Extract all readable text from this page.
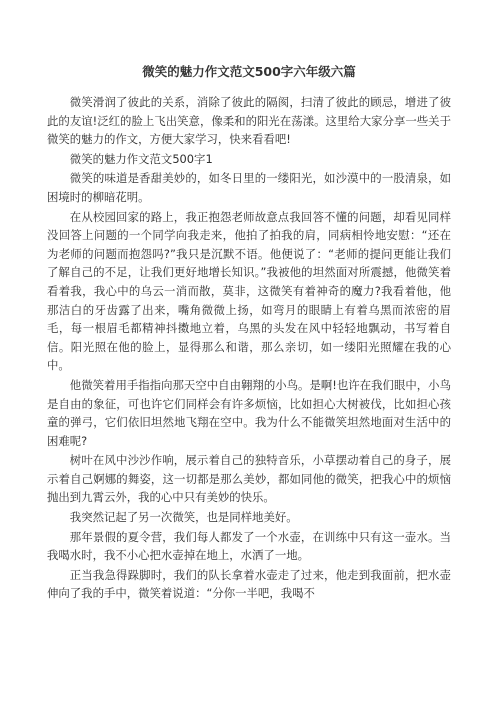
微笑的魅力作文范文500字六年级六篇
微笑滑润了彼此的关系，消除了彼此的隔阂，扫清了彼此的顾忌，增进了彼此的友谊!泛红的脸上飞出笑意，像柔和的阳光在荡漾。这里给大家分享一些关于微笑的魅力的作文，方便大家学习，快来看看吧!
微笑的魅力作文范文500字1
微笑的味道是香甜美妙的，如冬日里的一缕阳光，如沙漠中的一股清泉，如困境时的柳暗花明。
在从校园回家的路上，我正抱怨老师故意点我回答不懂的问题，却看见同样没回答上问题的一个同学向我走来，他拍了拍我的肩，同病相怜地安慰：“还在为老师的问题而抱怨吗?”我只是沉默不语。他便说了：“老师的提问更能让我们了解自己的不足，让我们更好地增长知识。”我被他的坦然面对所震撼，他微笑着看着我，我心中的乌云一消而散，莫非，这微笑有着神奇的魔力?我看着他，他那洁白的牙齿露了出来，嘴角微微上扬，如弯月的眼睛上有着乌黑而浓密的眉毛，每一根眉毛都精神抖擞地立着，乌黑的头发在风中轻轻地飘动，书写着自信。阳光照在他的脸上，显得那么和谐，那么亲切，如一缕阳光照耀在我的心中。
他微笑着用手指指向那天空中自由翱翔的小鸟。是啊!也许在我们眼中，小鸟是自由的象征，可也许它们同样会有许多烦恼，比如担心大树被伐，比如担心孩童的弹弓，它们依旧坦然地飞翔在空中。我为什么不能微笑坦然地面对生活中的困难呢?
树叶在风中沙沙作响，展示着自己的独特音乐，小草摆动着自己的身子，展示着自己婀娜的舞姿，这一切都是那么美妙，都如同他的微笑，把我心中的烦恼抛出到九霄云外，我的心中只有美妙的快乐。
我突然记起了另一次微笑，也是同样地美好。
那年景假的夏令营，我们每人都发了一个水壶，在训练中只有这一壶水。当我喝水时，我不小心把水壶掉在地上，水洒了一地。
正当我急得跺脚时，我们的队长拿着水壶走了过来，他走到我面前，把水壶伸向了我的手中，微笑着说道：“分你一半吧，我喝不
